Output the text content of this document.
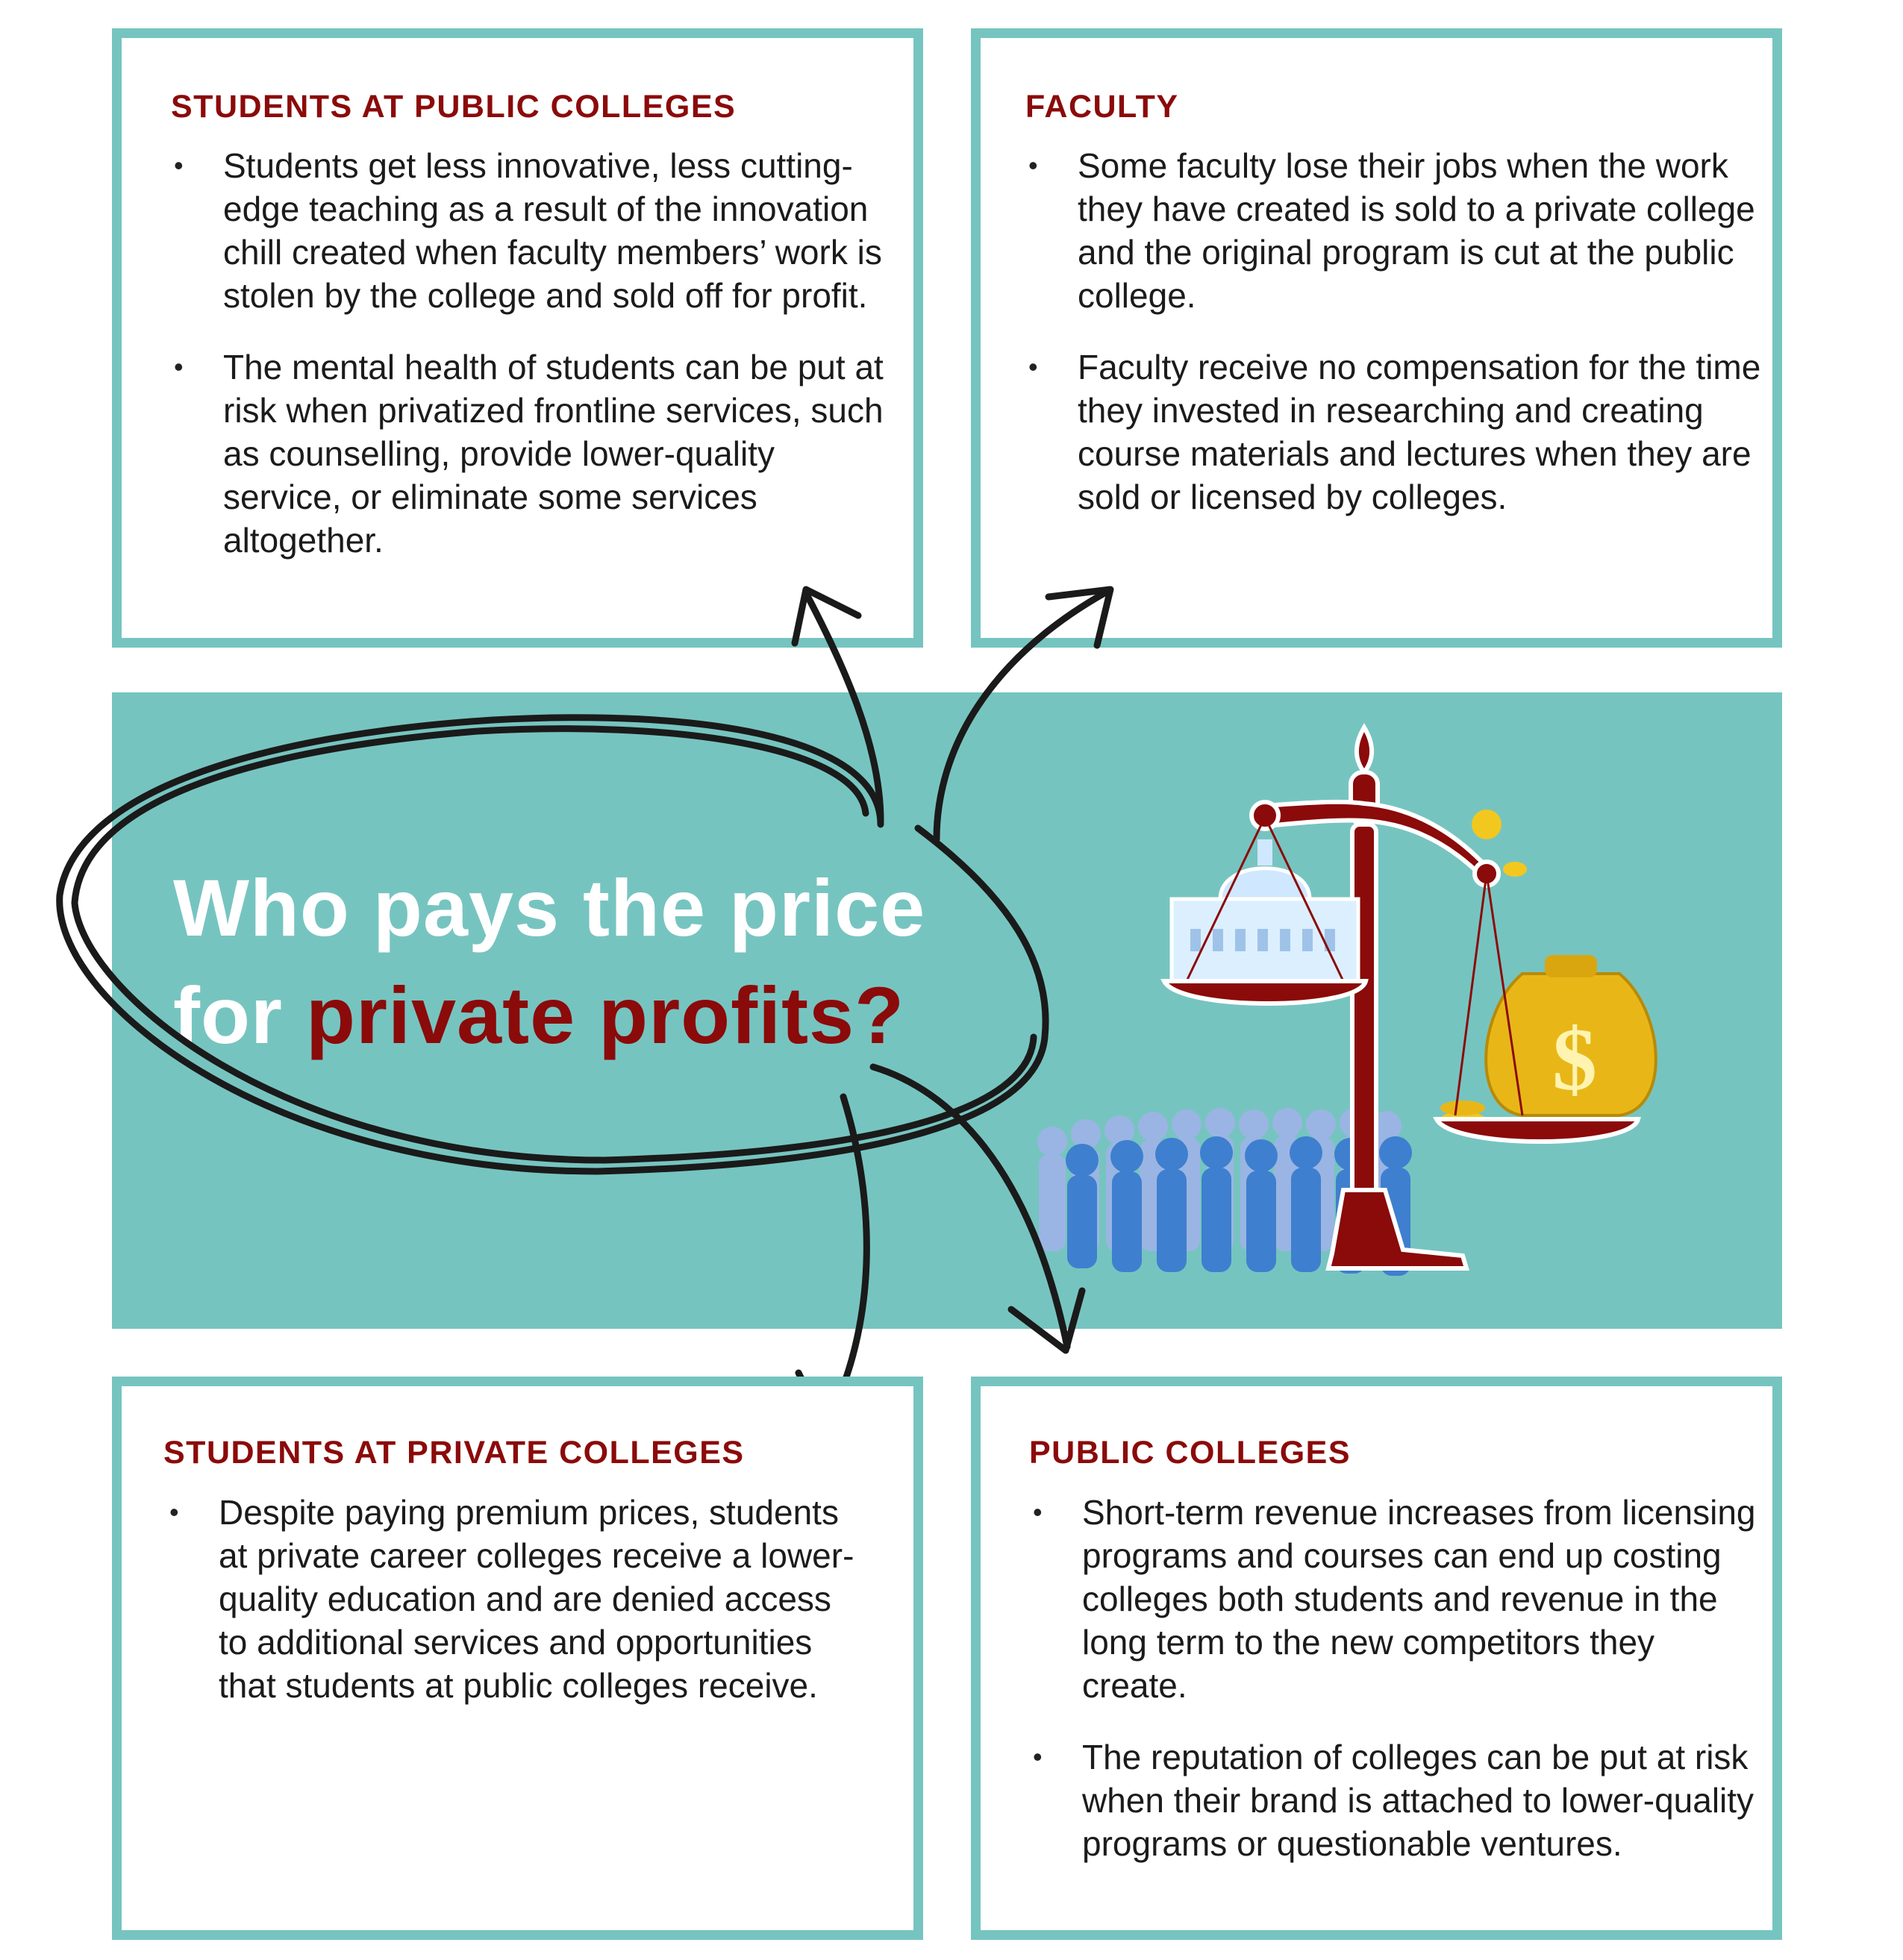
STUDENTS AT PUBLIC COLLEGES
• Students get less innovative, less cutting-edge teaching as a result of the innovation chill created when faculty members’ work is stolen by the college and sold off for profit.
• The mental health of students can be put at risk when privatized frontline services, such as counselling, provide lower-quality service, or eliminate some services altogether.
FACULTY
• Some faculty lose their jobs when the work they have created is sold to a private college and the original program is cut at the public college.
• Faculty receive no compensation for the time they invested in researching and creating course materials and lectures when they are sold or licensed by colleges.
Who pays the price
for private profits?	$
STUDENTS AT PRIVATE COLLEGES
• Despite paying premium prices, students at private career colleges receive a lower-quality education and are denied access to additional services and opportunities that students at public colleges receive.
PUBLIC COLLEGES
• Short-term revenue increases from licensing programs and courses can end up costing colleges both students and revenue in the long term to the new competitors they create.
• The reputation of colleges can be put at risk when their brand is attached to lower-quality programs or questionable ventures.
